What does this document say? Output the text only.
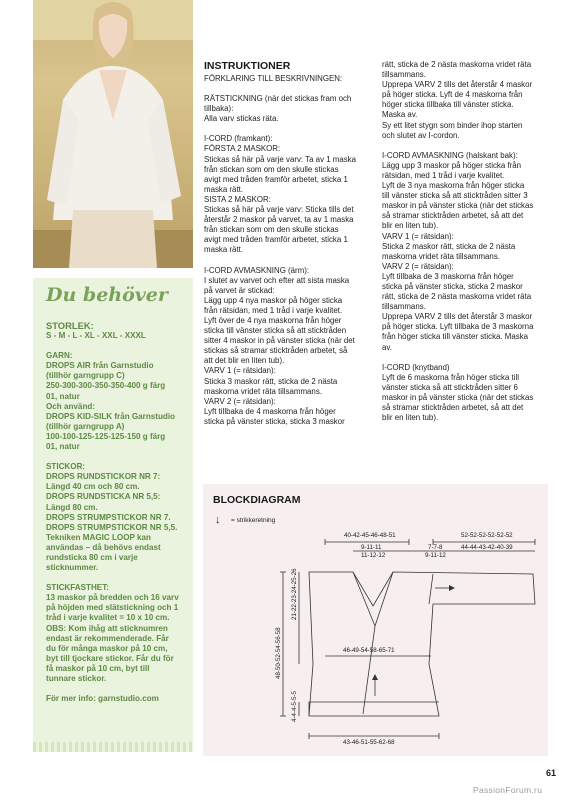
Du behöver

STORLEK:

S - M - L - XL - XXL - XXXL

GARN:

DROPS AIR från Garnstudio

(tillhör garngrupp C)

250-300-300-350-350-400 g färg

01, natur

Och använd:

DROPS KID-SILK från Garnstudio

(tillhör garngrupp A)

100-100-125-125-125-150 g färg

01, natur

STICKOR:

DROPS RUNDSTICKOR NR 7:

Längd 40 cm och 80 cm.

DROPS RUNDSTICKA NR 5,5:

Längd 80 cm.

DROPS STRUMPSTICKOR NR 7.

DROPS STRUMPSTICKOR NR 5,5.

Tekniken MAGIC LOOP kan

användas – då behövs endast

rundsticka 80 cm i varje

sticknummer.

STICKFASTHET:

13 maskor på bredden och 16 varv

på höjden med slätstickning och 1

tråd i varje kvalitet = 10 x 10 cm.

OBS: Kom ihåg att sticknumren

endast är rekommenderade. Får

du för många maskor på 10 cm,

byt till tjockare stickor. Får du för

få maskor på 10 cm, byt till

tunnare stickor.

För mer info: garnstudio.com

INSTRUKTIONER

FÖRKLARING TILL BESKRIVNINGEN:

RÄTSTICKNING (när det stickas fram och

tillbaka):

Alla varv stickas räta.

I-CORD (framkant):

FÖRSTA 2 MASKOR:

Stickas så här på varje varv: Ta av 1 maska

från stickan som om den skulle stickas

avigt med tråden framför arbetet, sticka 1

maska rätt.

SISTA 2 MASKOR:

Stickas så här på varje varv: Sticka tills det

återstår 2 maskor på varvet, ta av 1 maska

från stickan som om den skulle stickas

avigt med tråden framför arbetet, sticka 1

maska rätt.

I-CORD AVMASKNING (ärm):

I slutet av varvet och efter att sista maska

på varvet är stickad:

Lägg upp 4 nya maskor på höger sticka

från rätsidan, med 1 tråd i varje kvalitet.

Lyft över de 4 nya maskorna från höger

sticka till vänster sticka så att sticktråden

sitter 4 maskor in på vänster sticka (när det

stickas så stramar sticktråden arbetet, så

att det blir en liten tub).

VARV 1 (= rätsidan):

Sticka 3 maskor rätt, sticka de 2 nästa

maskorna vridet räta tillsammans.

VARV 2 (= rätsidan):

Lyft tillbaka de 4 maskorna från höger

sticka på vänster sticka, sticka 3 maskor

rätt, sticka de 2 nästa maskorna vridet räta

tillsammans.

Upprepa VARV 2 tills det återstår 4 maskor

på höger sticka. Lyft de 4 maskorna från

höger sticka tillbaka till vänster sticka.

Maska av.

Sy ett litet stygn som binder ihop starten

och slutet av I-cordon.

I-CORD AVMASKNING (halskant bak):

Lägg upp 3 maskor på höger sticka från

rätsidan, med 1 tråd i varje kvalitet.

Lyft de 3 nya maskorna från höger sticka

till vänster sticka så att sticktråden sitter 3

maskor in på vänster sticka (när det stickas

så stramar sticktråden arbetet, så att det

blir en liten tub).

VARV 1 (= rätsidan):

Sticka 2 maskor rätt, sticka de 2 nästa

maskorna vridet räta tillsammans.

VARV 2 (= rätsidan):

Lyft tillbaka de 3 maskorna från höger

sticka på vänster sticka, sticka 2 maskor

rätt, sticka de 2 nästa maskorna vridet räta

tillsammans.

Upprepa VARV 2 tills det återstår 3 maskor

på höger sticka. Lyft tillbaka de 3 maskorna

från höger sticka till vänster sticka. Maska

av.

I-CORD (knytband)

Lyft de 6 maskorna från höger sticka till

vänster sticka så att sticktråden sitter 6

maskor in på vänster sticka (när det stickas

så stramar sticktråden arbetet, så att det

blir en liten tub).

BLOCKDIAGRAM
↓ = strikkeretning
40-42-45-46-48-51
9-11-11
11-12-12
7-7-8
9-11-12
52-52-52-52-52-52
44-44-43-42-40-39
46-49-54-58-65-71
43-46-51-55-62-68
48-50-52-54-56-58
21-22-23-24-25-26
4-4-4-5-5-5
61
PassionForum.ru
